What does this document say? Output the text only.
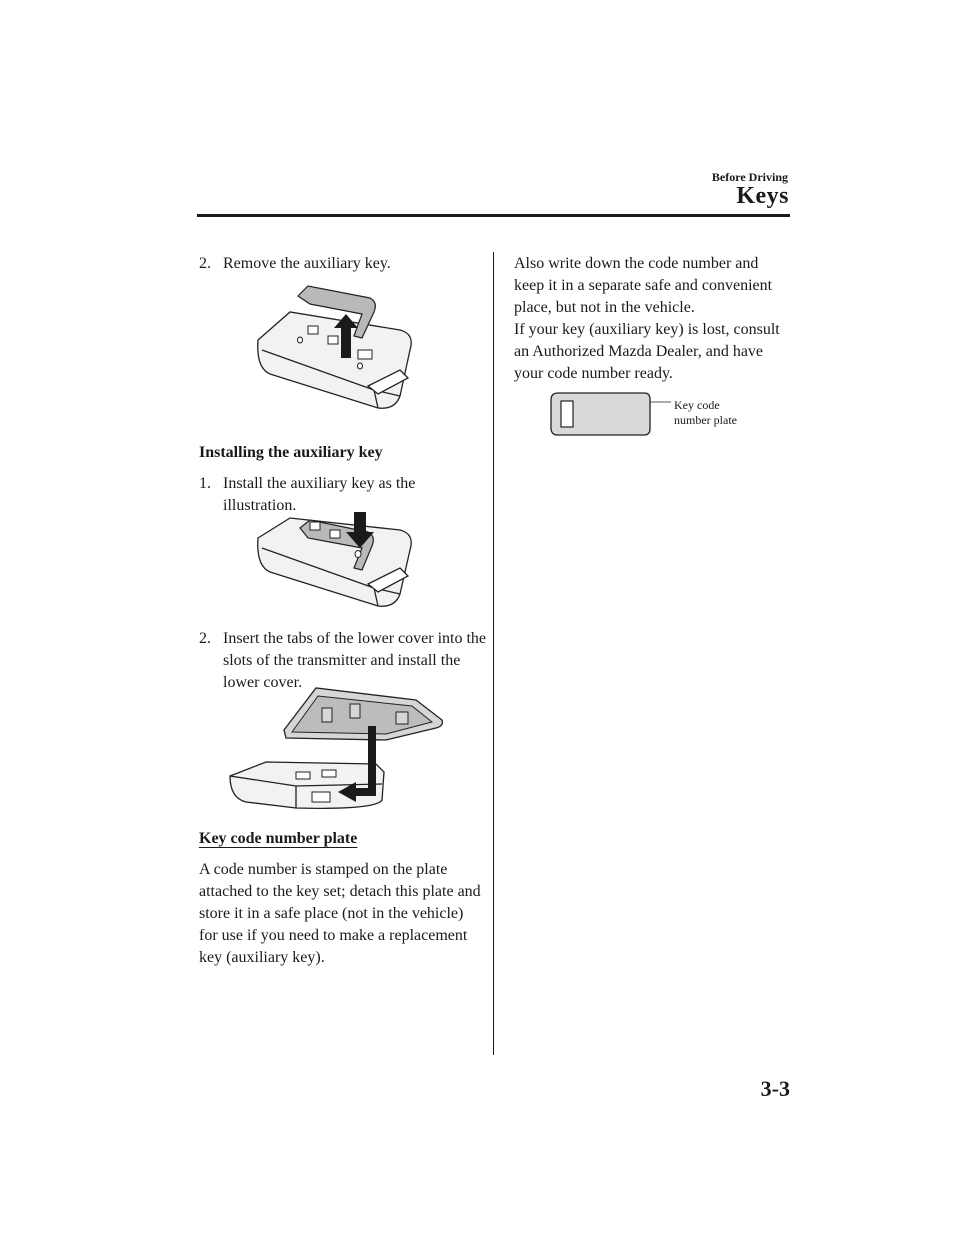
Before Driving
Keys
2. Remove the auxiliary key.
Installing the auxiliary key
1. Install the auxiliary key as the illustration.
2. Insert the tabs of the lower cover into the slots of the transmitter and install the lower cover.
Key code number plate
A code number is stamped on the plate attached to the key set; detach this plate and store it in a safe place (not in the vehicle) for use if you need to make a replacement key (auxiliary key).
Also write down the code number and keep it in a separate safe and convenient place, but not in the vehicle.
If your key (auxiliary key) is lost, consult an Authorized Mazda Dealer, and have your code number ready.
Key code
number plate
3-3
